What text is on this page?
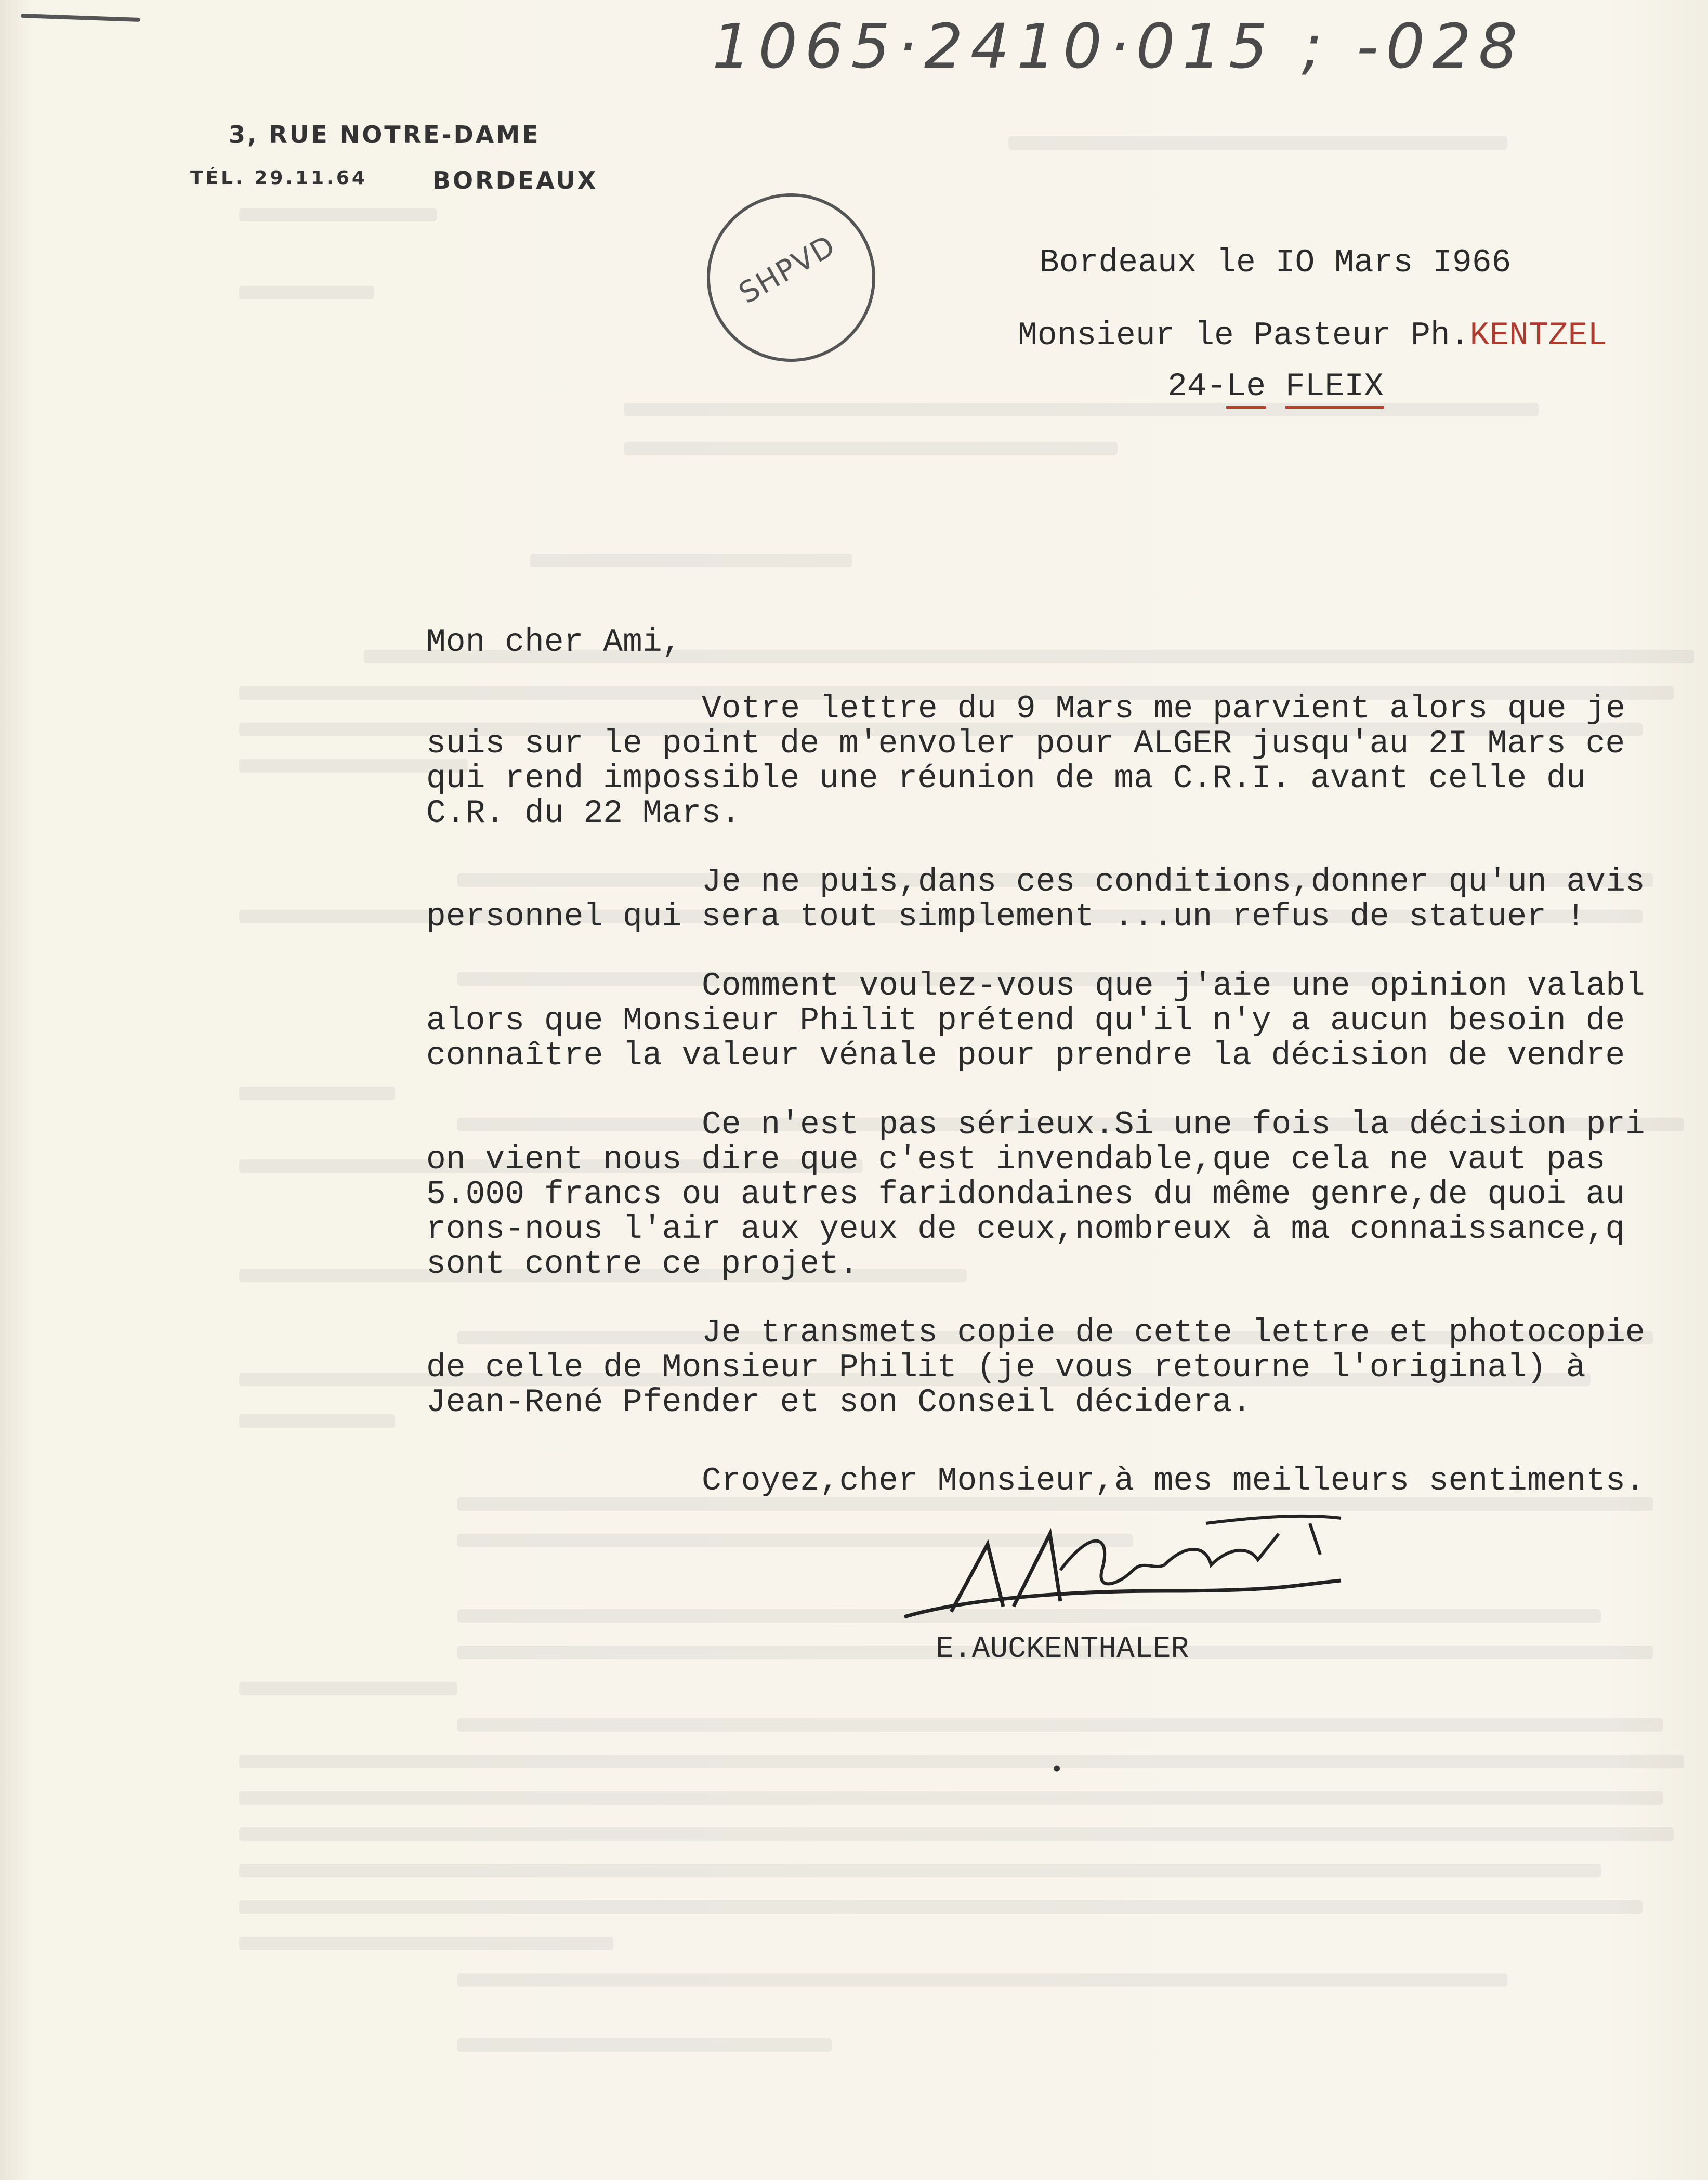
1065·2410·015 ; -028
3, RUE NOTRE-DAME
TÉL. 29.11.64	BORDEAUX
SHPVD	Bordeaux le IO Mars I966
Monsieur le Pasteur Ph.KENTZEL
24-Le FLEIX
Mon cher Ami,
Votre lettre du 9 Mars me parvient alors que je
suis sur le point de m'envoler pour ALGER jusqu'au 2I Mars ce
qui rend impossible une réunion de ma C.R.I. avant celle du
C.R. du 22 Mars.
Je ne puis,dans ces conditions,donner qu'un avis
personnel qui sera tout simplement ...un refus de statuer !
Comment voulez-vous que j'aie une opinion valabl
alors que Monsieur Philit prétend qu'il n'y a aucun besoin de
connaître la valeur vénale pour prendre la décision de vendre
Ce n'est pas sérieux.Si une fois la décision pri
on vient nous dire que c'est invendable,que cela ne vaut pas
5.000 francs ou autres faridondaines du même genre,de quoi au
rons-nous l'air aux yeux de ceux,nombreux à ma connaissance,q
sont contre ce projet.
Je transmets copie de cette lettre et photocopie
de celle de Monsieur Philit (je vous retourne l'original) à
Jean-René Pfender et son Conseil décidera.
Croyez,cher Monsieur,à mes meilleurs sentiments.
E.AUCKENTHALER
•
